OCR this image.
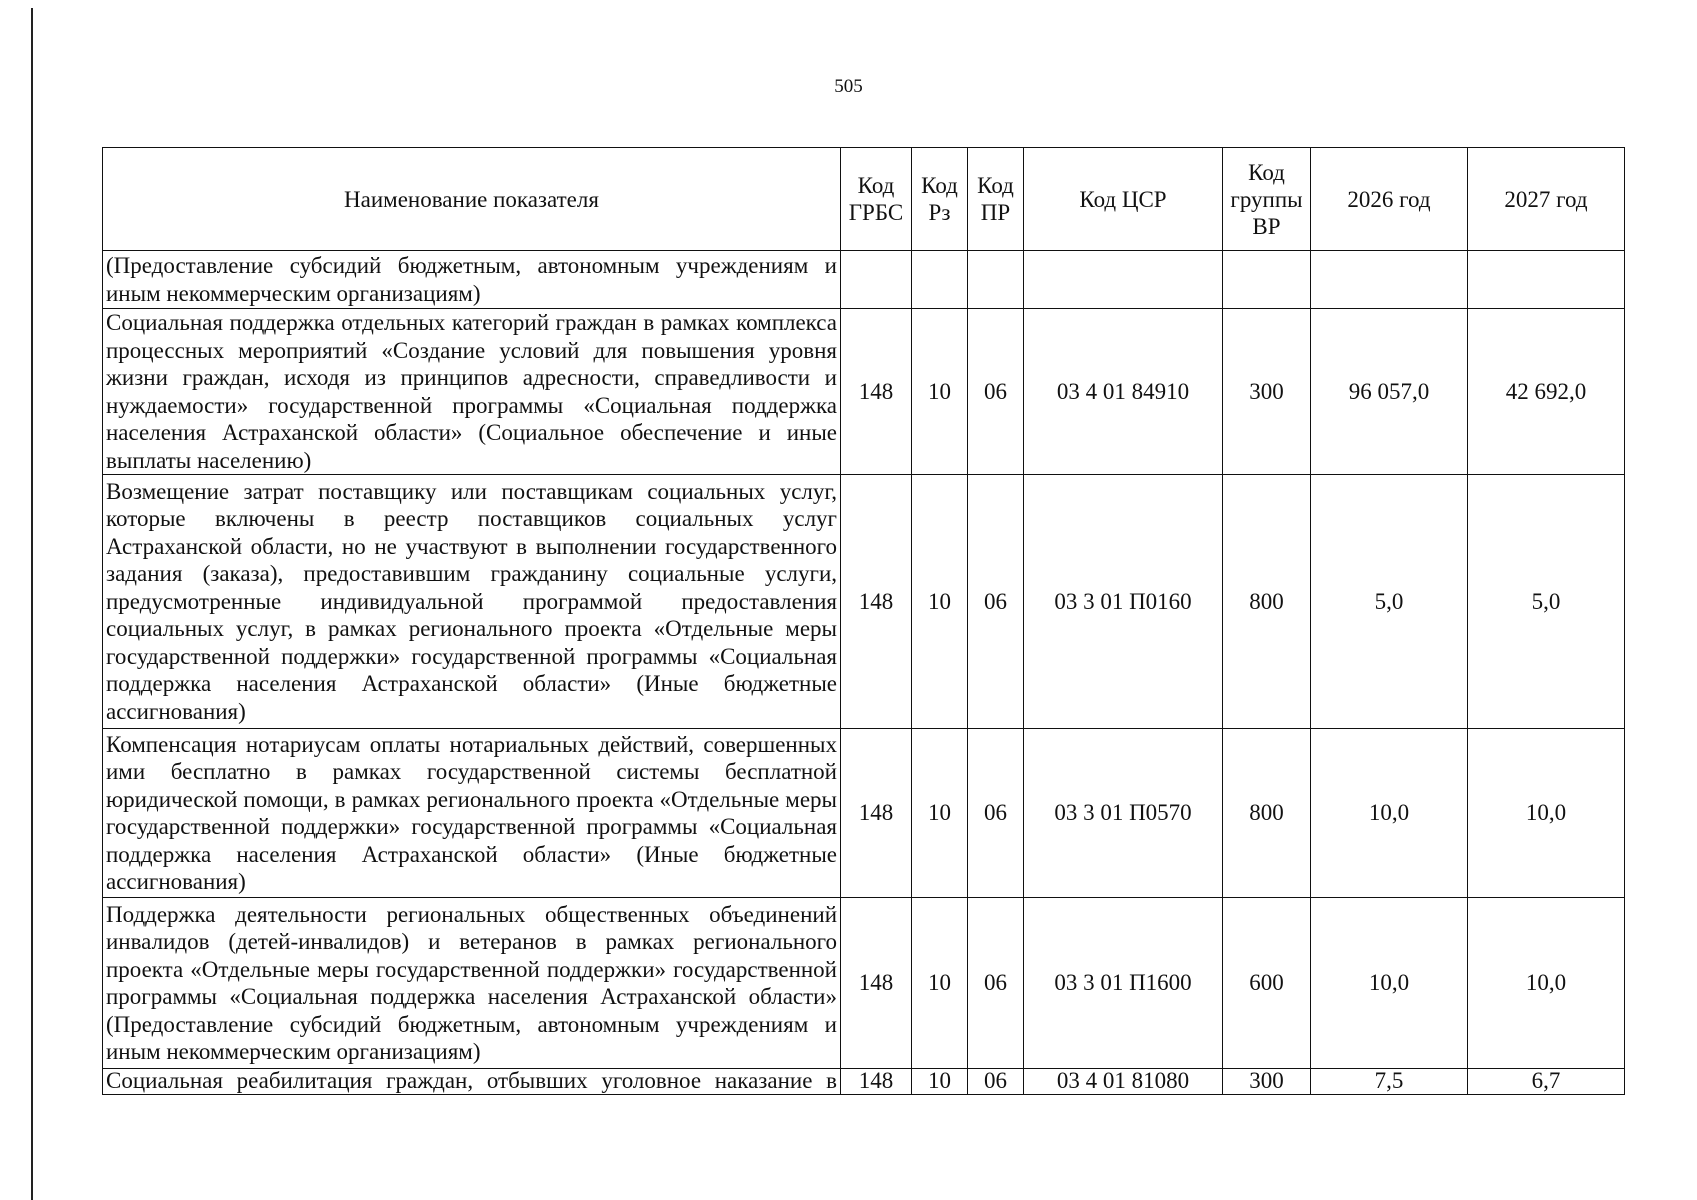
505
Наименование показателя	Код ГРБС	Код Рз	Код ПР	Код ЦСР	Код группы ВР	2026 год	2027 год
(Предоставление субсидий бюджетным, автономным учреждениям и иным некоммерческим организациям)							
Социальная поддержка отдельных категорий граждан в рамках комплекса процессных мероприятий «Создание условий для повышения уровня жизни граждан, исходя из принципов адресности, справедливости и нуждаемости» государственной программы «Социальная поддержка населения Астраханской области» (Социальное обеспечение и иные выплаты населению)	148	10	06	03 4 01 84910	300	96 057,0	42 692,0
Возмещение затрат поставщику или поставщикам социальных услуг, которые включены в реестр поставщиков социальных услуг Астраханской области, но не участвуют в выполнении государственного задания (заказа), предоставившим гражданину социальные услуги, предусмотренные индивидуальной программой предоставления социальных услуг, в рамках регионального проекта «Отдельные меры государственной поддержки» государственной программы «Социальная поддержка населения Астраханской области» (Иные бюджетные ассигнования)	148	10	06	03 3 01 П0160	800	5,0	5,0
Компенсация нотариусам оплаты нотариальных действий, совершенных ими бесплатно в рамках государственной системы бесплатной юридической помощи, в рамках регионального проекта «Отдельные меры государственной поддержки» государственной программы «Социальная поддержка населения Астраханской области» (Иные бюджетные ассигнования)	148	10	06	03 3 01 П0570	800	10,0	10,0
Поддержка деятельности региональных общественных объединений инвалидов (детей-инвалидов) и ветеранов в рамках регионального проекта «Отдельные меры государственной поддержки» государственной программы «Социальная поддержка населения Астраханской области» (Предоставление субсидий бюджетным, автономным учреждениям и иным некоммерческим организациям)	148	10	06	03 3 01 П1600	600	10,0	10,0
Социальная реабилитация граждан, отбывших уголовное наказание в	148	10	06	03 4 01 81080	300	7,5	6,7
